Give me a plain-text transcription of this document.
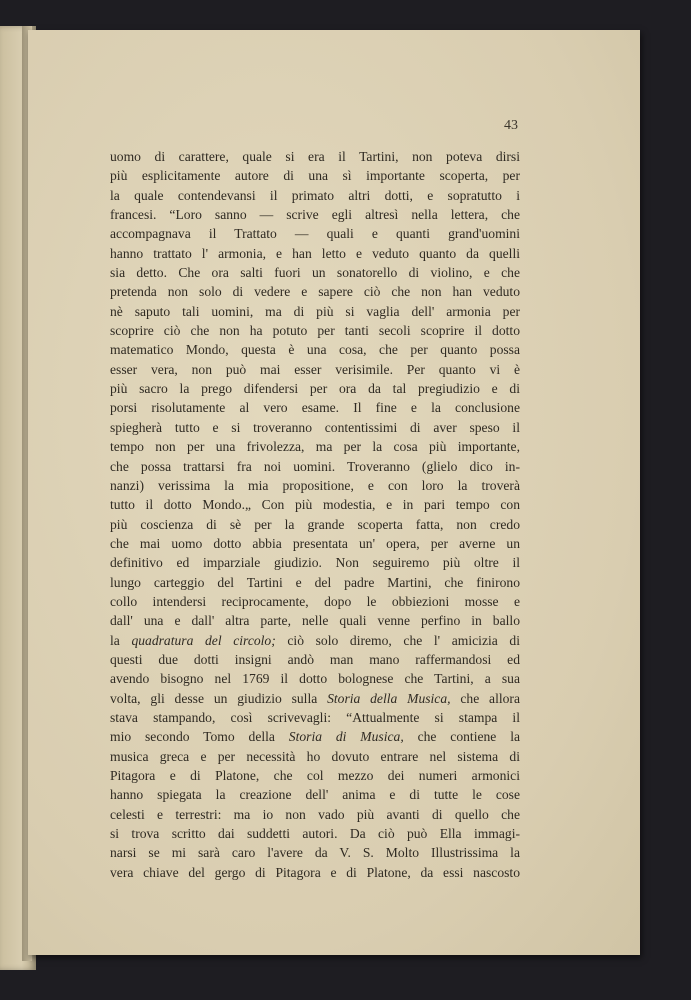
43
uomo di carattere, quale si era il Tartini, non poteva dirsi
più esplicitamente autore di una sì importante scoperta, per
la quale contendevansi il primato altri dotti, e sopratutto i
francesi. “Loro sanno — scrive egli altresì nella lettera, che
accompagnava il Trattato — quali e quanti grand'uomini
hanno trattato l' armonia, e han letto e veduto quanto da quelli
sia detto. Che ora salti fuori un sonatorello di violino, e che
pretenda non solo di vedere e sapere ciò che non han veduto
nè saputo tali uomini, ma di più si vaglia dell' armonia per
scoprire ciò che non ha potuto per tanti secoli scoprire il dotto
matematico Mondo, questa è una cosa, che per quanto possa
esser vera, non può mai esser verisimile. Per quanto vi è
più sacro la prego difendersi per ora da tal pregiudizio e di
porsi risolutamente al vero esame. Il fine e la conclusione
spiegherà tutto e si troveranno contentissimi di aver speso il
tempo non per una frivolezza, ma per la cosa più importante,
che possa trattarsi fra noi uomini. Troveranno (glielo dico in-
nanzi) verissima la mia propositione, e con loro la troverà
tutto il dotto Mondo.„ Con più modestia, e in pari tempo con
più coscienza di sè per la grande scoperta fatta, non credo
che mai uomo dotto abbia presentata un' opera, per averne un
definitivo ed imparziale giudizio. Non seguiremo più oltre il
lungo carteggio del Tartini e del padre Martini, che finirono
collo intendersi reciprocamente, dopo le obbiezioni mosse e
dall' una e dall' altra parte, nelle quali venne perfino in ballo
la quadratura del circolo; ciò solo diremo, che l' amicizia di
questi due dotti insigni andò man mano raffermandosi ed
avendo bisogno nel 1769 il dotto bolognese che Tartini, a sua
volta, gli desse un giudizio sulla Storia della Musica, che allora
stava stampando, così scrivevagli: “Attualmente si stampa il
mio secondo Tomo della Storia di Musica, che contiene la
musica greca e per necessità ho dovuto entrare nel sistema di
Pitagora e di Platone, che col mezzo dei numeri armonici
hanno spiegata la creazione dell' anima e di tutte le cose
celesti e terrestri: ma io non vado più avanti di quello che
si trova scritto dai suddetti autori. Da ciò può Ella immagi-
narsi se mi sarà caro l'avere da V. S. Molto Illustrissima la
vera chiave del gergo di Pitagora e di Platone, da essi nascosto
